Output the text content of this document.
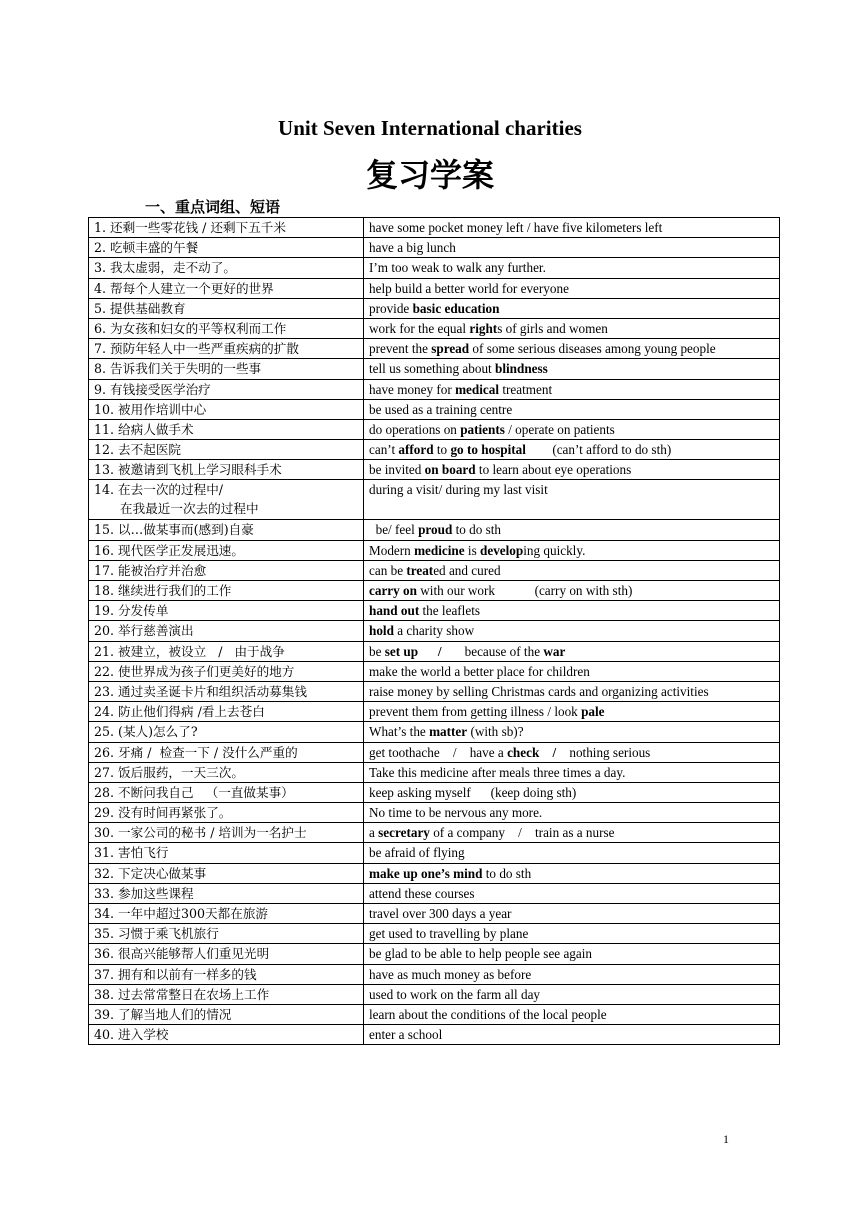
Unit Seven International charities
复习学案
一、重点词组、短语
1. 还剩一些零花钱 / 还剩下五千米	have some pocket money left / have five kilometers left

2. 吃顿丰盛的午餐	have a big lunch

3. 我太虚弱，走不动了。	I’m too weak to walk any further.

4. 帮每个人建立一个更好的世界	help build a better world for everyone

5. 提供基础教育	provide basic education

6. 为女孩和妇女的平等权利而工作	work for the equal rights of girls and women

7. 预防年轻人中一些严重疾病的扩散	prevent the spread of some serious diseases among young people

8. 告诉我们关于失明的一些事	tell us something about blindness

9. 有钱接受医学治疗	have money for medical treatment

10. 被用作培训中心	be used as a training centre

11. 给病人做手术	do operations on patients / operate on patients

12. 去不起医院	can’t afford to go to hospital        (can’t afford to do sth)

13. 被邀请到飞机上学习眼科手术	be invited on board to learn about eye operations

14. 在去一次的过程中/
在我最近一次去的过程中	during a visit/ during my last visit

15. 以…做某事而(感到)自豪	be/ feel proud to do sth

16. 现代医学正发展迅速。	Modern medicine is developing quickly.

17. 能被治疗并治愈	can be treated and cured

18. 继续进行我们的工作	carry on with our work            (carry on with sth)

19. 分发传单	hand out the leaflets

20. 举行慈善演出	hold a charity show

21. 被建立，被设立   /   由于战争	be set up /       because of the war

22. 使世界成为孩子们更美好的地方	make the world a better place for children

23. 通过卖圣诞卡片和组织活动募集钱	raise money by selling Christmas cards and organizing activities

24. 防止他们得病 /看上去苍白	prevent them from getting illness / look pale

25. (某人)怎么了?	What’s the matter (with sb)?

26. 牙痛 /  检查一下 / 没什么严重的	get toothache    /    have a check /    nothing serious

27. 饭后服药，一天三次。	Take this medicine after meals three times a day.

28. 不断问我自己   （一直做某事）	keep asking myself      (keep doing sth)

29. 没有时间再紧张了。	No time to be nervous any more.

30. 一家公司的秘书 / 培训为一名护士	a secretary of a company    /    train as a nurse

31. 害怕飞行	be afraid of flying

32. 下定决心做某事	make up one’s mind to do sth

33. 参加这些课程	attend these courses

34. 一年中超过300天都在旅游	travel over 300 days a year

35. 习惯于乘飞机旅行	get used to travelling by plane

36. 很高兴能够帮人们重见光明	be glad to be able to help people see again

37. 拥有和以前有一样多的钱	have as much money as before

38. 过去常常整日在农场上工作	used to work on the farm all day

39. 了解当地人们的情况	learn about the conditions of the local people

40. 进入学校	enter a school
1
